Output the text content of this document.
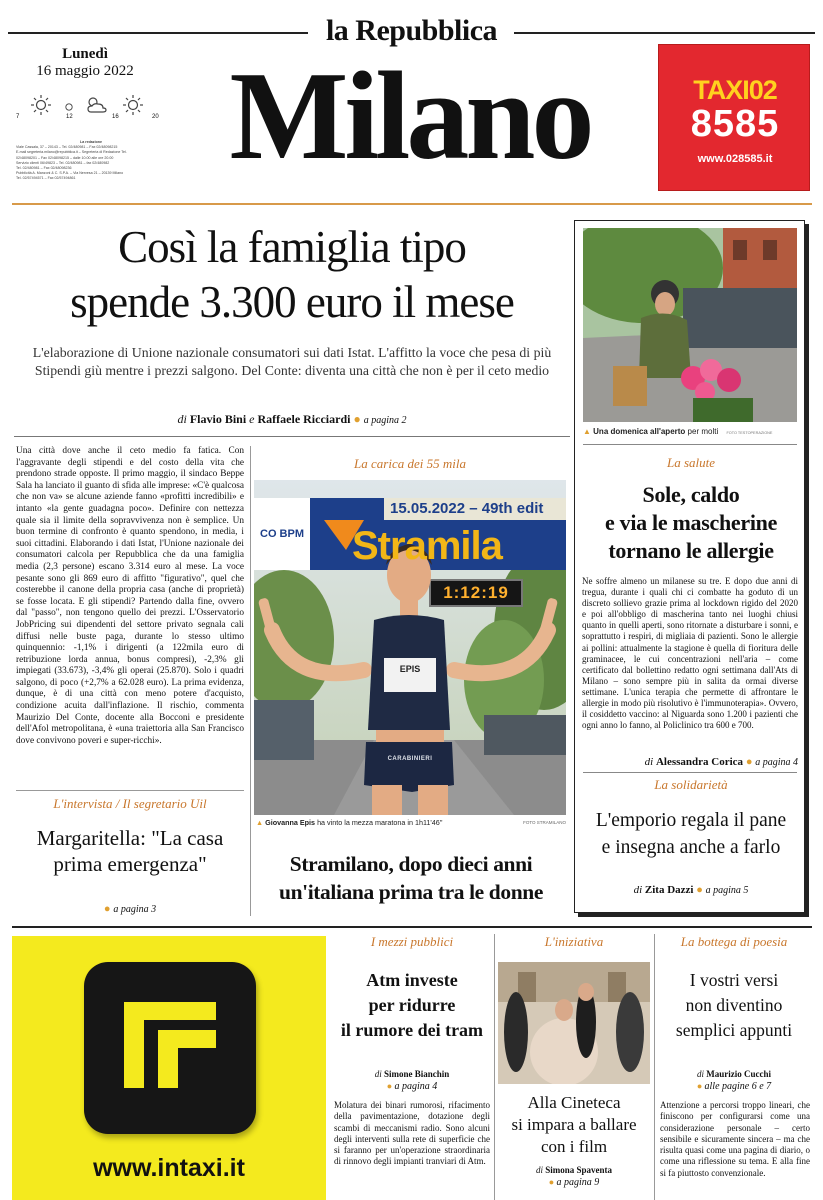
la Repubblica
Lunedì
16 maggio 2022
7	12	16	20
La redazione
Viale Cassala, 37 – 20143 – Tel. 02/480981 – Fax 02/48098215
E-mail segreteria.milano@repubblica.it – Segreteria di Redazione Tel.
02/48098201 – Fax 02/48098215 – dalle 10.00 alle ore 20.00
Servizio clienti 06/49823 – Tel. 02/480981 – fax 02/480982
Tel. 02/480981 – Fax 02/48098236
Pubblicità A. Manzoni & C. S.P.A. – Via Nervesa 21 – 20139 Milano
Tel. 02/57494571 – Fax 02/57494861	Milano	TAXI02
8585
www.028585.it
Così la famiglia tipo
spende 3.300 euro il mese
L'elaborazione di Unione nazionale consumatori sui dati Istat. L'affitto la voce che pesa di più
Stipendi giù mentre i prezzi salgono. Del Conte: diventa una città che non è per il ceto medio
di Flavio Bini e Raffaele Ricciardi ● a pagina 2
Una città dove anche il ceto medio fa fatica. Con l'aggravante degli stipendi e del costo della vita che prendono strade opposte. Il primo maggio, il sindaco Beppe Sala ha lanciato il guanto di sfida alle imprese: «C'è qualcosa che non va» se alcune aziende fanno «profitti incredibili» e intanto «la gente guadagna poco». Definire con nettezza quale sia il limite della sopravvivenza non è semplice. Un buon termine di confronto è quanto spendono, in media, i suoi cittadini. Elaborando i dati Istat, l'Unione nazionale dei consumatori calcola per Repubblica che da una famiglia media (2,3 persone) escano 3.314 euro al mese. La voce pesante sono gli 869 euro di affitto "figurativo", quel che costerebbe il canone della propria casa (anche di proprietà) se fosse locata. E gli stipendi? Partendo dalla fine, ovvero dal "passo", non tengono quello dei prezzi. L'Osservatorio JobPricing sui dipendenti del settore privato segnala cali diffusi nelle buste paga, durante lo stesso ultimo quinquennio: -1,1% i dirigenti (a 122mila euro di retribuzione lorda annua, bonus compresi), -2,3% gli impiegati (33.673), -3,4% gli operai (25.870). Solo i quadri salgono, di poco (+2,7% a 62.028 euro). La prima evidenza, dunque, è di una città con meno potere d'acquisto, condizione acuita dall'inflazione. Il rischio, commenta Maurizio Del Conte, docente alla Bocconi e presidente dell'Afol metropolitana, è «una traiettoria alla San Francisco dove convivono poveri e super-ricchi».
L'intervista / Il segretario Uil
Margaritella: "La casa
prima emergenza"
● a pagina 3
La carica dei 55 mila
15.05.2022 – 49th edit
Stramila
CO BPM
1:12:19
EPIS
CARABINIERI
▲ Giovanna Epis ha vinto la mezza maratona in 1h11'46''	FOTO STRAMILANO
Stramilano, dopo dieci anni
un'italiana prima tra le donne
▲ Una domenica all'aperto per molti FOTO TESTOPERAZIONE
La salute
Sole, caldo
e via le mascherine
tornano le allergie
Ne soffre almeno un milanese su tre. E dopo due anni di tregua, durante i quali chi ci combatte ha goduto di un discreto sollievo grazie prima al lockdown rigido del 2020 e poi all'obbligo di mascherina tanto nei luoghi chiusi quanto in quelli aperti, sono ritornate a disturbare i sonni, e soprattutto i respiri, di migliaia di pazienti. Sono le allergie ai pollini: attualmente la stagione è quella di fioritura delle graminacee, le cui concentrazioni nell'aria – come certificato dal bollettino redatto ogni settimana dall'Ats di Milano – sono sempre più in salita da ormai diverse settimane. L'unica terapia che permette di affrontare le allergie in modo più risolutivo è l'immunoterapia». Ovvero, il cosiddetto vaccino: al Niguarda sono 1.200 i pazienti che ogni anno lo fanno, al Policlinico tra 600 e 700.
di Alessandra Corica ● a pagina 4
La solidarietà
L'emporio regala il pane
e insegna anche a farlo
di Zita Dazzi ● a pagina 5
www.intaxi.it
I mezzi pubblici
Atm investe
per ridurre
il rumore dei tram
di Simone Bianchin
● a pagina 4
Molatura dei binari rumorosi, rifacimento della pavimentazione, dotazione degli scambi di meccanismi radio. Sono alcuni degli interventi sulla rete di superficie che si faranno per un'operazione straordinaria di rinnovo degli impianti tranviari di Atm.
L'iniziativa
Alla Cineteca
si impara a ballare
con i film
di Simona Spaventa
● a pagina 9
La bottega di poesia
I vostri versi
non diventino
semplici appunti
di Maurizio Cucchi
● alle pagine 6 e 7
Attenzione a percorsi troppo lineari, che finiscono per configurarsi come una considerazione personale – certo sensibile e sicuramente sincera – ma che risulta quasi come una pagina di diario, o come una riflessione su tema. E alla fine si fa piuttosto convenzionale.
